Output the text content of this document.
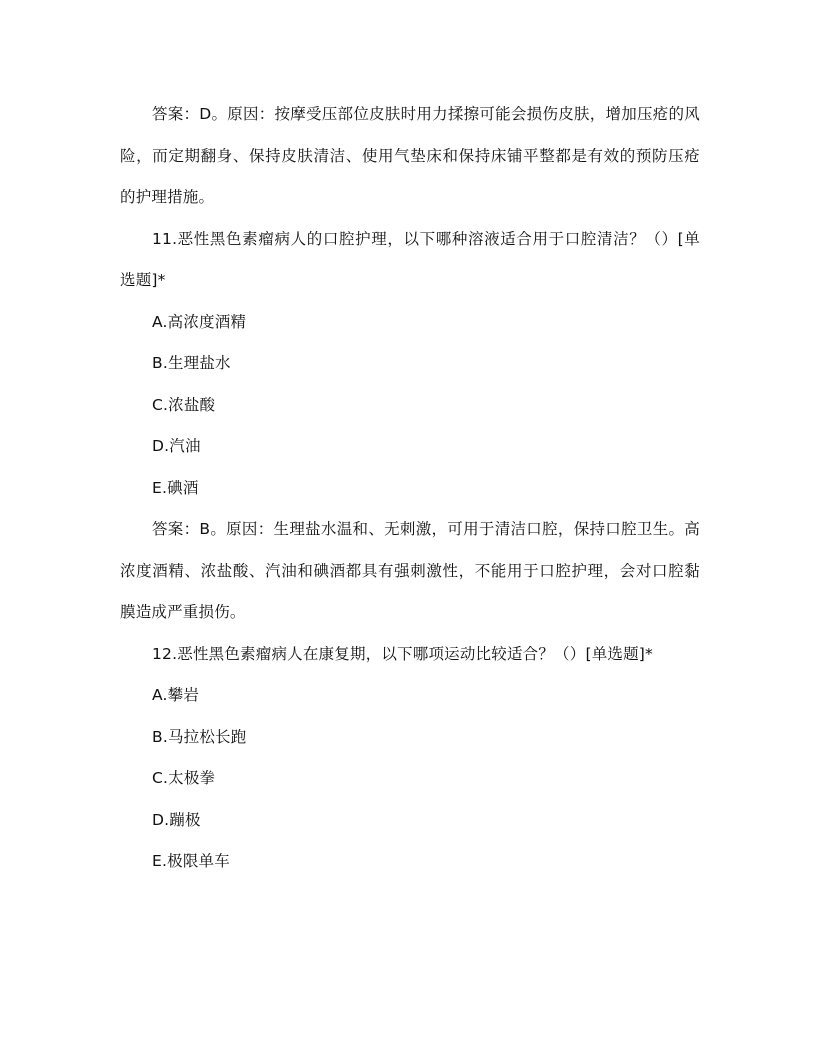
答案：D。原因：按摩受压部位皮肤时用力揉擦可能会损伤皮肤，增加压疮的风险，而定期翻身、保持皮肤清洁、使用气垫床和保持床铺平整都是有效的预防压疮的护理措施。

11.恶性黑色素瘤病人的口腔护理，以下哪种溶液适合用于口腔清洁？（）[单选题]*

A.高浓度酒精

B.生理盐水

C.浓盐酸

D.汽油

E.碘酒

答案：B。原因：生理盐水温和、无刺激，可用于清洁口腔，保持口腔卫生。高浓度酒精、浓盐酸、汽油和碘酒都具有强刺激性，不能用于口腔护理，会对口腔黏膜造成严重损伤。

12.恶性黑色素瘤病人在康复期，以下哪项运动比较适合？（）[单选题]*

A.攀岩

B.马拉松长跑

C.太极拳

D.蹦极

E.极限单车
